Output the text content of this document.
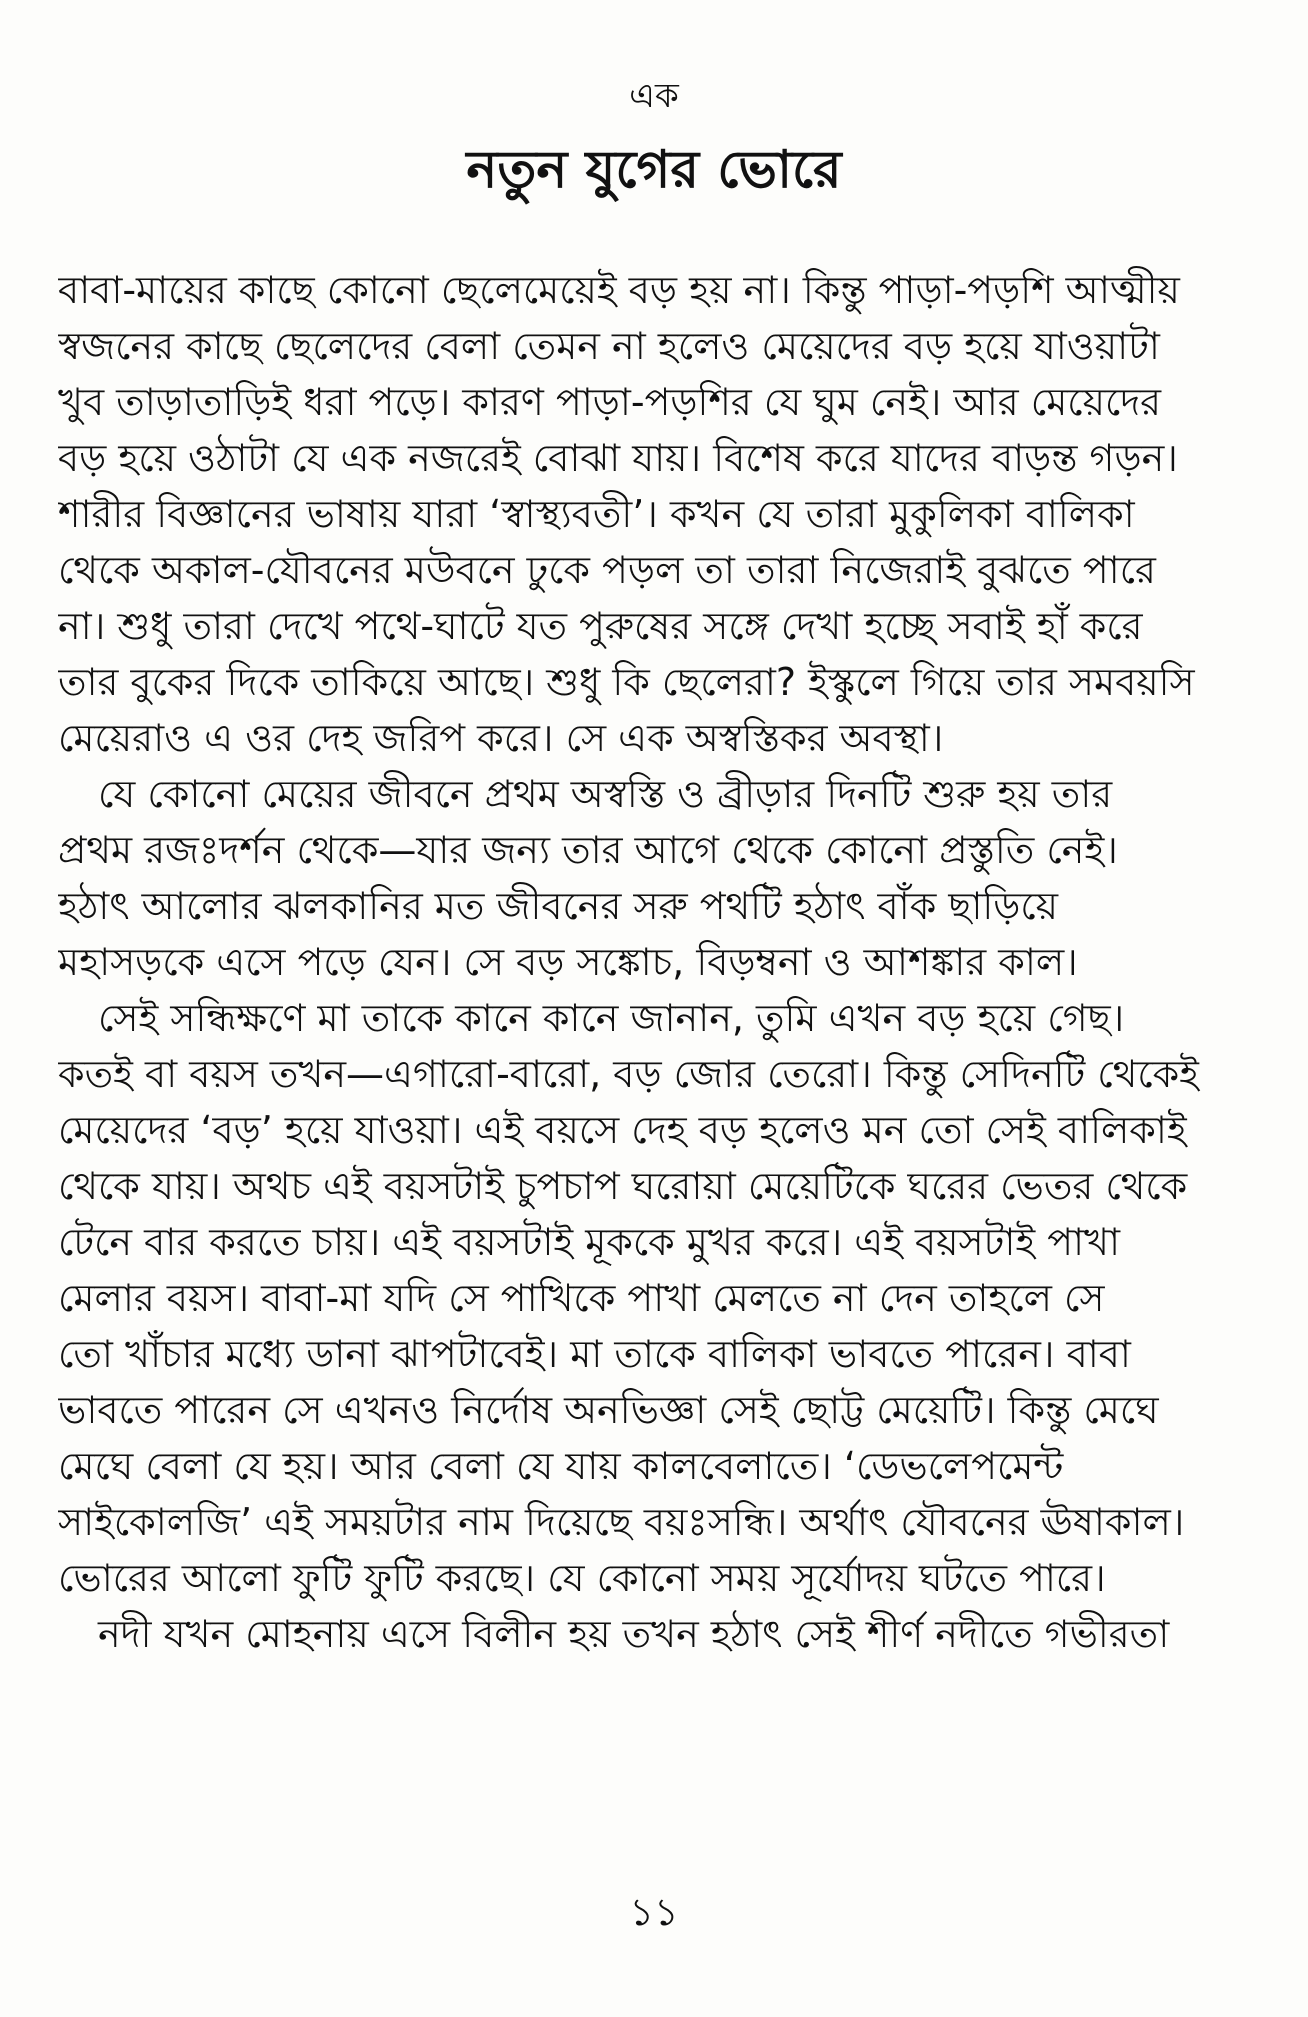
এক
নতুন যুগের ভোরে
বাবা-মায়ের কাছে কোনো ছেলেমেয়েই বড় হয় না। কিন্তু পাড়া-পড়শি আত্মীয়
স্বজনের কাছে ছেলেদের বেলা তেমন না হলেও মেয়েদের বড় হয়ে যাওয়াটা
খুব তাড়াতাড়িই ধরা পড়ে। কারণ পাড়া-পড়শির যে ঘুম নেই। আর মেয়েদের
বড় হয়ে ওঠাটা যে এক নজরেই বোঝা যায়। বিশেষ করে যাদের বাড়ন্ত গড়ন।
শারীর বিজ্ঞানের ভাষায় যারা ‘স্বাস্থ্যবতী’। কখন যে তারা মুকুলিকা বালিকা
থেকে অকাল-যৌবনের মউবনে ঢুকে পড়ল তা তারা নিজেরাই বুঝতে পারে
না। শুধু তারা দেখে পথে-ঘাটে যত পুরুষের সঙ্গে দেখা হচ্ছে সবাই হাঁ করে
তার বুকের দিকে তাকিয়ে আছে। শুধু কি ছেলেরা? ইস্কুলে গিয়ে তার সমবয়সি
মেয়েরাও এ ওর দেহ জরিপ করে। সে এক অস্বস্তিকর অবস্থা।
যে কোনো মেয়ের জীবনে প্রথম অস্বস্তি ও ব্রীড়ার দিনটি শুরু হয় তার
প্রথম রজঃদর্শন থেকে—যার জন্য তার আগে থেকে কোনো প্রস্তুতি নেই।
হঠাৎ আলোর ঝলকানির মত জীবনের সরু পথটি হঠাৎ বাঁক ছাড়িয়ে
মহাসড়কে এসে পড়ে যেন। সে বড় সঙ্কোচ, বিড়ম্বনা ও আশঙ্কার কাল।
সেই সন্ধিক্ষণে মা তাকে কানে কানে জানান, তুমি এখন বড় হয়ে গেছ।
কতই বা বয়স তখন—এগারো-বারো, বড় জোর তেরো। কিন্তু সেদিনটি থেকেই
মেয়েদের ‘বড়’ হয়ে যাওয়া। এই বয়সে দেহ বড় হলেও মন তো সেই বালিকাই
থেকে যায়। অথচ এই বয়সটাই চুপচাপ ঘরোয়া মেয়েটিকে ঘরের ভেতর থেকে
টেনে বার করতে চায়। এই বয়সটাই মূককে মুখর করে। এই বয়সটাই পাখা
মেলার বয়স। বাবা-মা যদি সে পাখিকে পাখা মেলতে না দেন তাহলে সে
তো খাঁচার মধ্যে ডানা ঝাপটাবেই। মা তাকে বালিকা ভাবতে পারেন। বাবা
ভাবতে পারেন সে এখনও নির্দোষ অনভিজ্ঞা সেই ছোট্ট মেয়েটি। কিন্তু মেঘে
মেঘে বেলা যে হয়। আর বেলা যে যায় কালবেলাতে। ‘ডেভলেপমেন্ট
সাইকোলজি’ এই সময়টার নাম দিয়েছে বয়ঃসন্ধি। অর্থাৎ যৌবনের ঊষাকাল।
ভোরের আলো ফুটি ফুটি করছে। যে কোনো সময় সূর্যোদয় ঘটতে পারে।
নদী যখন মোহনায় এসে বিলীন হয় তখন হঠাৎ সেই শীর্ণ নদীতে গভীরতা
১১
